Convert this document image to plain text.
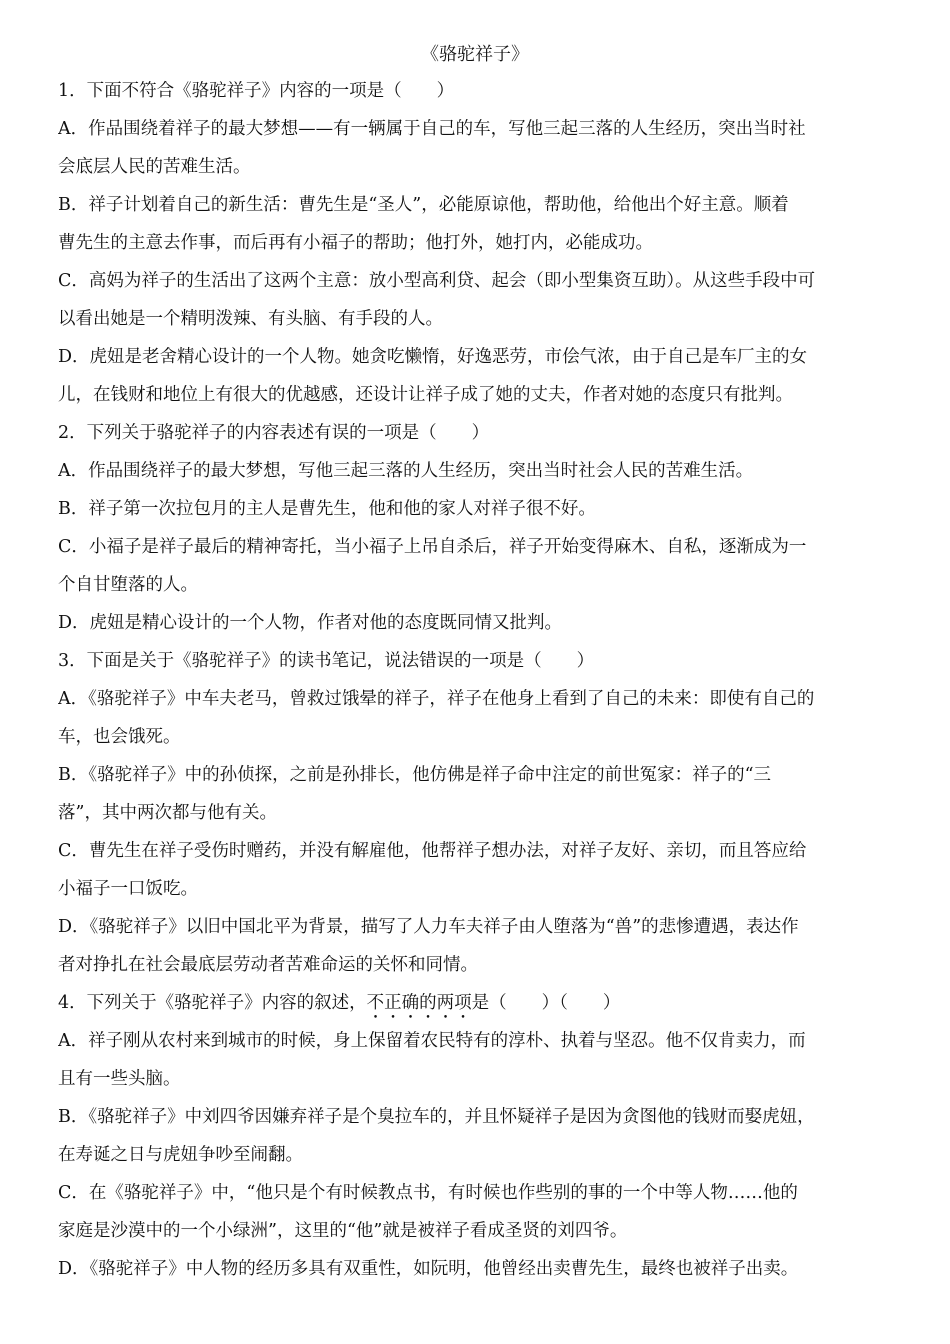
《骆驼祥子》
1．下面不符合《骆驼祥子》内容的一项是（　　）
A．作品围绕着祥子的最大梦想——有一辆属于自己的车，写他三起三落的人生经历，突出当时社
会底层人民的苦难生活。
B．祥子计划着自己的新生活：曹先生是“圣人”，必能原谅他，帮助他，给他出个好主意。顺着
曹先生的主意去作事，而后再有小福子的帮助；他打外，她打内，必能成功。
C．高妈为祥子的生活出了这两个主意：放小型高利贷、起会（即小型集资互助）。从这些手段中可
以看出她是一个精明泼辣、有头脑、有手段的人。
D．虎妞是老舍精心设计的一个人物。她贪吃懒惰，好逸恶劳，市侩气浓，由于自己是车厂主的女
儿，在钱财和地位上有很大的优越感，还设计让祥子成了她的丈夫，作者对她的态度只有批判。
2．下列关于骆驼祥子的内容表述有误的一项是（　　）
A．作品围绕祥子的最大梦想，写他三起三落的人生经历，突出当时社会人民的苦难生活。
B．祥子第一次拉包月的主人是曹先生，他和他的家人对祥子很不好。
C．小福子是祥子最后的精神寄托，当小福子上吊自杀后，祥子开始变得麻木、自私，逐渐成为一
个自甘堕落的人。
D．虎妞是精心设计的一个人物，作者对他的态度既同情又批判。
3．下面是关于《骆驼祥子》的读书笔记，说法错误的一项是（　　）
A．《骆驼祥子》中车夫老马，曾救过饿晕的祥子，祥子在他身上看到了自己的未来：即使有自己的
车，也会饿死。
B．《骆驼祥子》中的孙侦探，之前是孙排长，他仿佛是祥子命中注定的前世冤家：祥子的“三
落”，其中两次都与他有关。
C．曹先生在祥子受伤时赠药，并没有解雇他，他帮祥子想办法，对祥子友好、亲切，而且答应给
小福子一口饭吃。
D．《骆驼祥子》以旧中国北平为背景，描写了人力车夫祥子由人堕落为“兽”的悲惨遭遇，表达作
者对挣扎在社会最底层劳动者苦难命运的关怀和同情。
4．下列关于《骆驼祥子》内容的叙述，不正确的两项是（　　）（　　）
A．祥子刚从农村来到城市的时候，身上保留着农民特有的淳朴、执着与坚忍。他不仅肯卖力，而
且有一些头脑。
B．《骆驼祥子》中刘四爷因嫌弃祥子是个臭拉车的，并且怀疑祥子是因为贪图他的钱财而娶虎妞，
在寿诞之日与虎妞争吵至闹翻。
C．在《骆驼祥子》中，“他只是个有时候教点书，有时候也作些别的事的一个中等人物……他的
家庭是沙漠中的一个小绿洲”，这里的“他”就是被祥子看成圣贤的刘四爷。
D．《骆驼祥子》中人物的经历多具有双重性，如阮明，他曾经出卖曹先生，最终也被祥子出卖。
